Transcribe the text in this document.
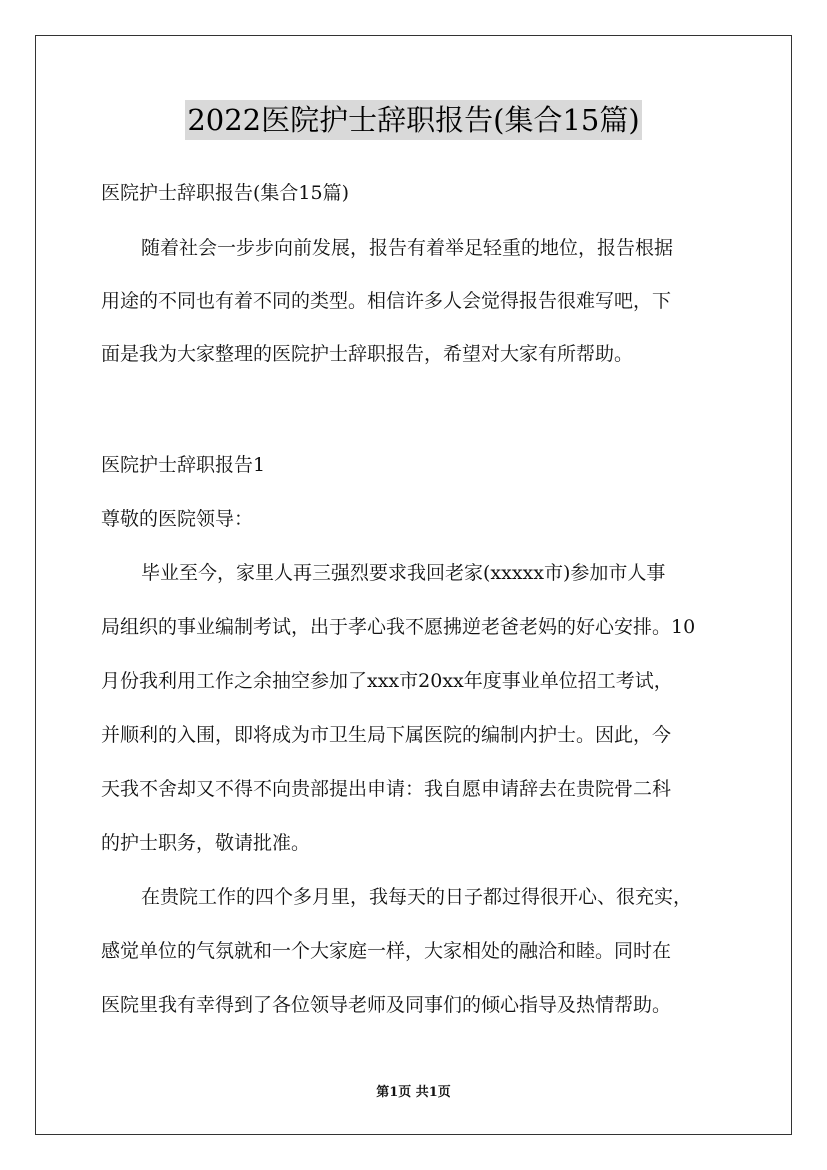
2022医院护士辞职报告(集合15篇)
医院护士辞职报告(集合15篇)
随着社会一步步向前发展，报告有着举足轻重的地位，报告根据
用途的不同也有着不同的类型。相信许多人会觉得报告很难写吧，下
面是我为大家整理的医院护士辞职报告，希望对大家有所帮助。
医院护士辞职报告1
尊敬的医院领导：
毕业至今，家里人再三强烈要求我回老家(xxxxx市)参加市人事
局组织的事业编制考试，出于孝心我不愿拂逆老爸老妈的好心安排。10
月份我利用工作之余抽空参加了xxx市20xx年度事业单位招工考试，
并顺利的入围，即将成为市卫生局下属医院的编制内护士。因此，今
天我不舍却又不得不向贵部提出申请：我自愿申请辞去在贵院骨二科
的护士职务，敬请批准。
在贵院工作的四个多月里，我每天的日子都过得很开心、很充实，
感觉单位的气氛就和一个大家庭一样，大家相处的融洽和睦。同时在
医院里我有幸得到了各位领导老师及同事们的倾心指导及热情帮助。
第1页 共1页
